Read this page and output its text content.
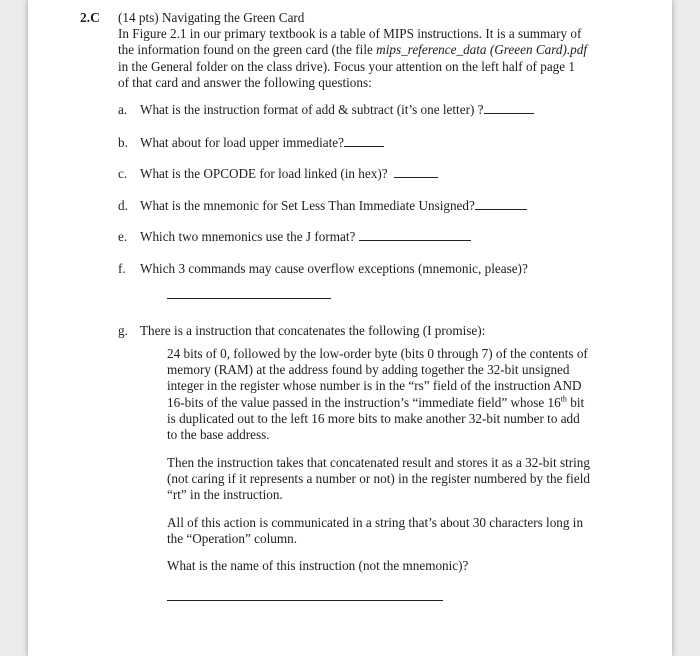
2.C (14 pts) Navigating the Green Card
In Figure 2.1 in our primary textbook is a table of MIPS instructions. It is a summary of the information found on the green card (the file mips_reference_data (Greeen Card).pdf in the General folder on the class drive). Focus your attention on the left half of page 1 of that card and answer the following questions:
a. What is the instruction format of add & subtract (it’s one letter) ?
b. What about for load upper immediate?
c. What is the OPCODE for load linked (in hex)?
d. What is the mnemonic for Set Less Than Immediate Unsigned?
e. Which two mnemonics use the J format?
f. Which 3 commands may cause overflow exceptions (mnemonic, please)?
g. There is a instruction that concatenates the following (I promise):
24 bits of 0, followed by the low-order byte (bits 0 through 7) of the contents of memory (RAM) at the address found by adding together the 32-bit unsigned integer in the register whose number is in the “rs” field of the instruction AND 16-bits of the value passed in the instruction’s “immediate field” whose 16th bit is duplicated out to the left 16 more bits to make another 32-bit number to add to the base address.
Then the instruction takes that concatenated result and stores it as a 32-bit string (not caring if it represents a number or not) in the register numbered by the field “rt” in the instruction.
All of this action is communicated in a string that’s about 30 characters long in the “Operation” column.
What is the name of this instruction (not the mnemonic)?
